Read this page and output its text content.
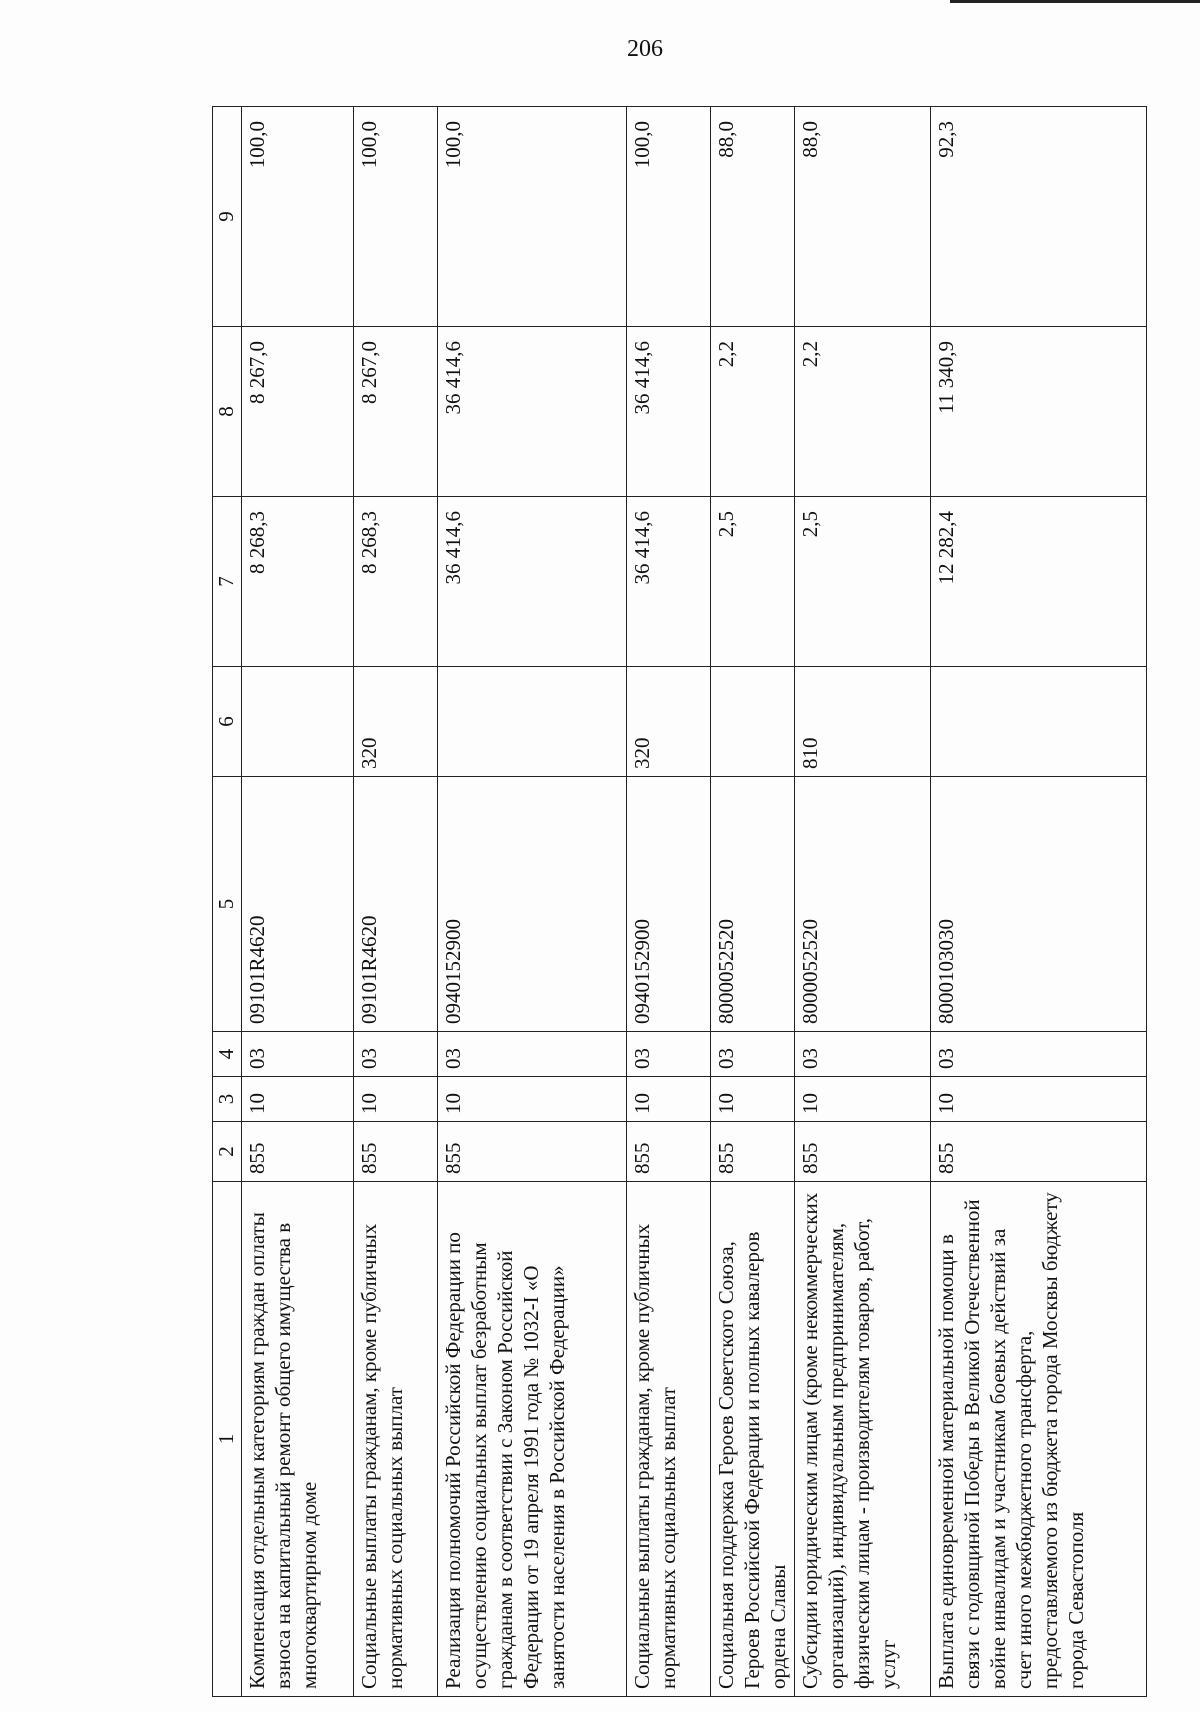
206
1	2	3	4	5	6	7	8	9
Компенсация отдельным категориям граждан оплаты взноса на капитальный ремонт общего имущества в многоквартирном доме	855	10	03	09101R4620		8 268,3	8 267,0	100,0
Социальные выплаты гражданам, кроме публичных нормативных социальных выплат	855	10	03	09101R4620	320	8 268,3	8 267,0	100,0
Реализация полномочий Российской Федерации по осуществлению социальных выплат безработным гражданам в соответствии с Законом Российской Федерации от 19 апреля 1991 года № 1032-I «О занятости населения в Российской Федерации»	855	10	03	0940152900		36 414,6	36 414,6	100,0
Социальные выплаты гражданам, кроме публичных нормативных социальных выплат	855	10	03	0940152900	320	36 414,6	36 414,6	100,0
Социальная поддержка Героев Советского Союза, Героев Российской Федерации и полных кавалеров ордена Славы	855	10	03	8000052520		2,5	2,2	88,0
Субсидии юридическим лицам (кроме некоммерческих организаций), индивидуальным предпринимателям, физическим лицам - производителям товаров, работ, услуг	855	10	03	8000052520	810	2,5	2,2	88,0
Выплата единовременной материальной помощи в связи с годовщиной Победы в Великой Отечественной войне инвалидам и участникам боевых действий за счет иного межбюджетного трансферта, предоставляемого из бюджета города Москвы бюджету города Севастополя	855	10	03	8000103030		12 282,4	11 340,9	92,3
